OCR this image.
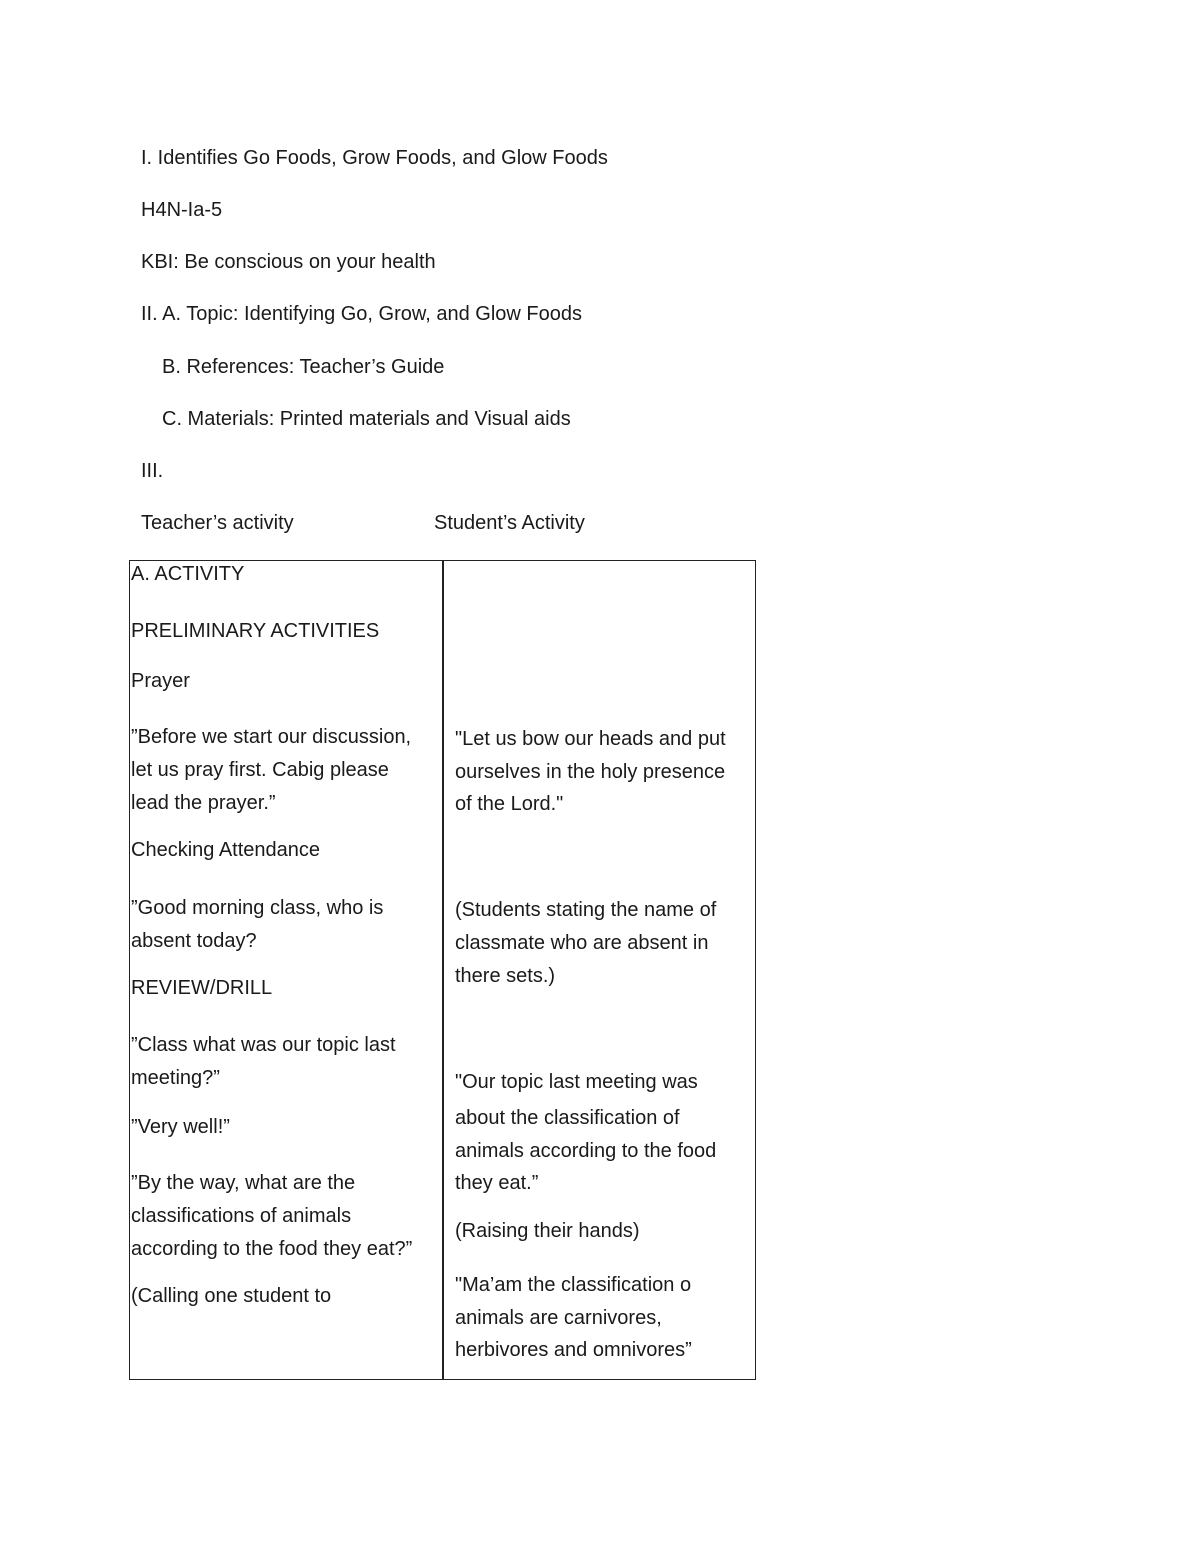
I. Identifies Go Foods, Grow Foods, and Glow Foods
H4N-Ia-5
KBI: Be conscious on your health
II. A. Topic: Identifying Go, Grow, and Glow Foods
B. References: Teacher’s Guide
C. Materials: Printed materials and Visual aids
III.
Teacher’s activity	Student’s Activity
A. ACTIVITY
PRELIMINARY ACTIVITIES
Prayer
”Before we start our discussion,
let us pray first. Cabig please
lead the prayer.”
Checking Attendance
”Good morning class, who is
absent today?
REVIEW/DRILL
”Class what was our topic last
meeting?”
”Very well!”
”By the way, what are the
classifications of animals
according to the food they eat?”
(Calling one student to
"Let us bow our heads and put
ourselves in the holy presence
of the Lord."
(Students stating the name of
classmate who are absent in
there sets.)
"Our topic last meeting was
about the classification of
animals according to the food
they eat.”
(Raising their hands)
"Ma’am the classification o
animals are carnivores,
herbivores and omnivores”
